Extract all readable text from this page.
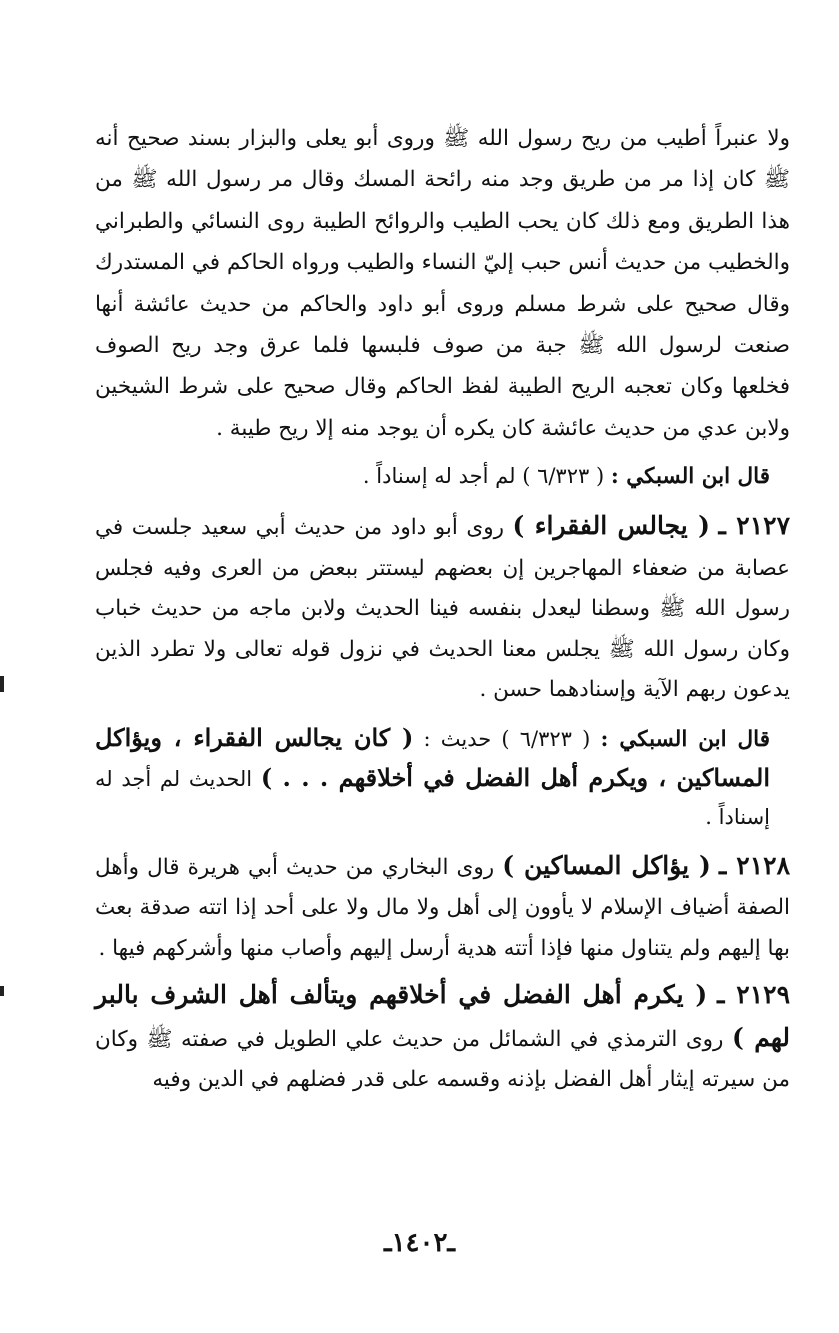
ولا عنبراً أطيب من ريح رسول الله ﷺ وروى أبو يعلى والبزار بسند صحيح أنه ﷺ كان إذا مر من طريق وجد منه رائحة المسك وقال مر رسول الله ﷺ من هذا الطريق ومع ذلك كان يحب الطيب والروائح الطيبة روى النسائي والطبراني والخطيب من حديث أنس حبب إليّ النساء والطيب ورواه الحاكم في المستدرك وقال صحيح على شرط مسلم وروى أبو داود والحاكم من حديث عائشة أنها صنعت لرسول الله ﷺ جبة من صوف فلبسها فلما عرق وجد ريح الصوف فخلعها وكان تعجبه الريح الطيبة لفظ الحاكم وقال صحيح على شرط الشيخين ولابن عدي من حديث عائشة كان يكره أن يوجد منه إلا ريح طيبة .

قال ابن السبكي : ( ٦/٣٢٣ ) لم أجد له إسناداً .

٢١٢٧ ـ ( يجالس الفقراء ) روى أبو داود من حديث أبي سعيد جلست في عصابة من ضعفاء المهاجرين إن بعضهم ليستتر ببعض من العرى وفيه فجلس رسول الله ﷺ وسطنا ليعدل بنفسه فينا الحديث ولابن ماجه من حديث خباب وكان رسول الله ﷺ يجلس معنا الحديث في نزول قوله تعالى ولا تطرد الذين يدعون ربهم الآية وإسنادهما حسن .

قال ابن السبكي : ( ٦/٣٢٣ ) حديث : ( كان يجالس الفقراء ، ويؤاكل المساكين ، ويكرم أهل الفضل في أخلاقهم . . . ) الحديث لم أجد له إسناداً .

٢١٢٨ ـ ( يؤاكل المساكين ) روى البخاري من حديث أبي هريرة قال وأهل الصفة أضياف الإسلام لا يأوون إلى أهل ولا مال ولا على أحد إذا اتته صدقة بعث بها إليهم ولم يتناول منها فإذا أتته هدية أرسل إليهم وأصاب منها وأشركهم فيها .

٢١٢٩ ـ ( يكرم أهل الفضل في أخلاقهم ويتألف أهل الشرف بالبر لهم ) روى الترمذي في الشمائل من حديث علي الطويل في صفته ﷺ وكان من سيرته إيثار أهل الفضل بإذنه وقسمه على قدر فضلهم في الدين وفيه

ـ١٤٠٢ـ
